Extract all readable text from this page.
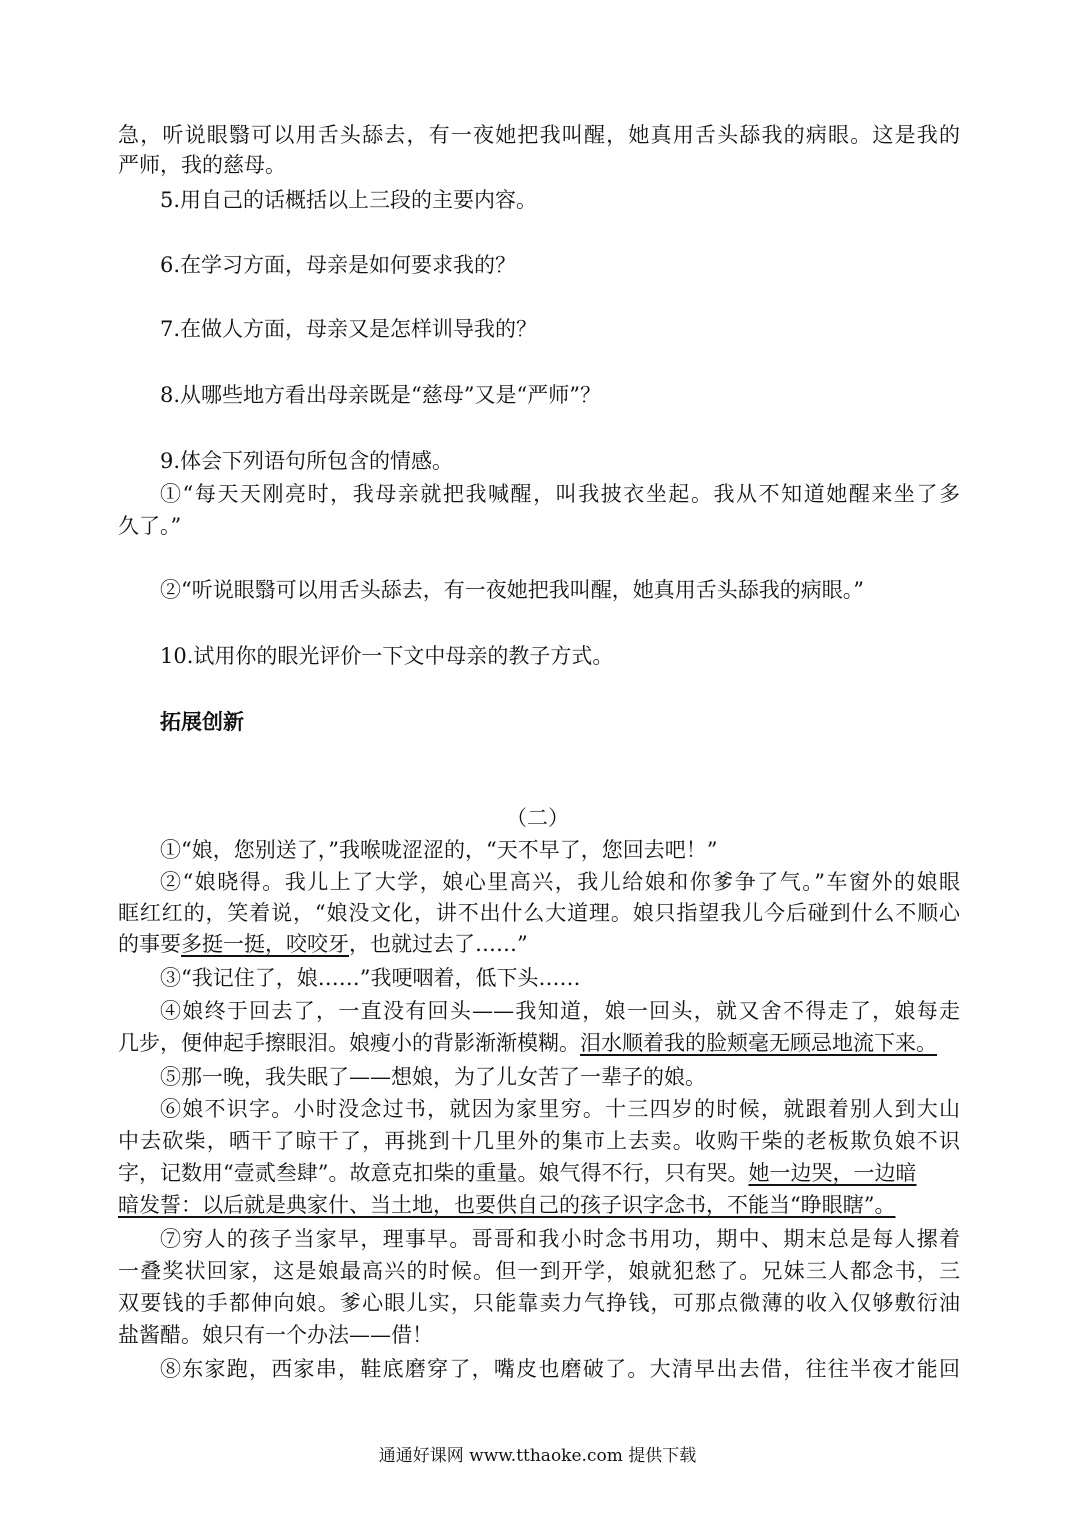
急，听说眼翳可以用舌头舔去，有一夜她把我叫醒，她真用舌头舔我的病眼。这是我的
严师，我的慈母。
5.用自己的话概括以上三段的主要内容。
6.在学习方面，母亲是如何要求我的？
7.在做人方面，母亲又是怎样训导我的？
8.从哪些地方看出母亲既是“慈母”又是“严师”？
9.体会下列语句所包含的情感。
①“每天天刚亮时，我母亲就把我喊醒，叫我披衣坐起。我从不知道她醒来坐了多
久了。”
②“听说眼翳可以用舌头舔去，有一夜她把我叫醒，她真用舌头舔我的病眼。”
10.试用你的眼光评价一下文中母亲的教子方式。
拓展创新
（二）
①“娘，您别送了，”我喉咙涩涩的，“天不早了，您回去吧！”
②“娘晓得。我儿上了大学，娘心里高兴，我儿给娘和你爹争了气。”车窗外的娘眼
眶红红的，笑着说，“娘没文化，讲不出什么大道理。娘只指望我儿今后碰到什么不顺心
的事要多挺一挺，咬咬牙，也就过去了……”
③“我记住了，娘……”我哽咽着，低下头……
④娘终于回去了，一直没有回头——我知道，娘一回头，就又舍不得走了，娘每走
几步，便伸起手擦眼泪。娘瘦小的背影渐渐模糊。泪水顺着我的脸颊毫无顾忌地流下来。
⑤那一晚，我失眠了——想娘，为了儿女苦了一辈子的娘。
⑥娘不识字。小时没念过书，就因为家里穷。十三四岁的时候，就跟着别人到大山
中去砍柴，晒干了晾干了，再挑到十几里外的集市上去卖。收购干柴的老板欺负娘不识
字，记数用“壹贰叁肆”。故意克扣柴的重量。娘气得不行，只有哭。她一边哭，一边暗
暗发誓：以后就是典家什、当土地，也要供自己的孩子识字念书，不能当“睁眼瞎”。
⑦穷人的孩子当家早，理事早。哥哥和我小时念书用功，期中、期末总是每人摞着
一叠奖状回家，这是娘最高兴的时候。但一到开学，娘就犯愁了。兄妹三人都念书，三
双要钱的手都伸向娘。爹心眼儿实，只能靠卖力气挣钱，可那点微薄的收入仅够敷衍油
盐酱醋。娘只有一个办法——借！
⑧东家跑，西家串，鞋底磨穿了，嘴皮也磨破了。大清早出去借，往往半夜才能回
通通好课网 www.tthaoke.com 提供下载
